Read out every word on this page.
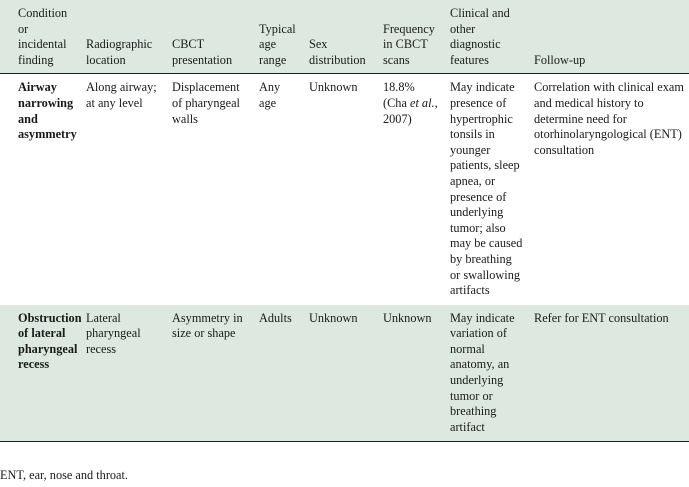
Condition or incidental finding	Radiographic location	CBCT presentation	Typical age range	Sex distribution	Frequency in CBCT scans	Clinical and other diagnostic features	Follow-up
Airway narrowing and asymmetry	Along airway; at any level	Displacement of pharyngeal walls	Any age	Unknown	18.8% (Cha et al., 2007)	May indicate presence of hypertrophic tonsils in younger patients, sleep apnea, or presence of underlying tumor; also may be caused by breathing or swallowing artifacts	Correlation with clinical exam and medical history to determine need for otorhinolaryngological (ENT) consultation
Obstruction of lateral pharyngeal recess	Lateral pharyngeal recess	Asymmetry in size or shape	Adults	Unknown	Unknown	May indicate variation of normal anatomy, an underlying tumor or breathing artifact	Refer for ENT consultation
ENT, ear, nose and throat.
